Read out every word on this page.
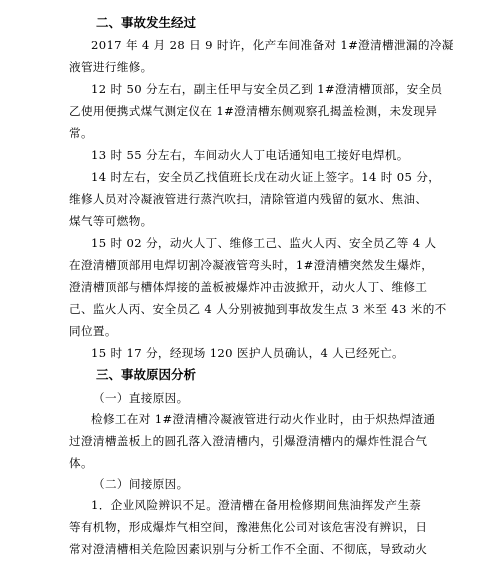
二、事故发生经过
2017 年 4 月 28 日 9 时许，化产车间准备对 1#澄清槽泄漏的冷凝
液管进行维修。
12 时 50 分左右，副主任甲与安全员乙到 1#澄清槽顶部，安全员
乙使用便携式煤气测定仪在 1#澄清槽东侧观察孔揭盖检测，未发现异
常。
13 时 55 分左右，车间动火人丁电话通知电工接好电焊机。
14 时左右，安全员乙找值班长戊在动火证上签字。14 时 05 分，
维修人员对冷凝液管进行蒸汽吹扫，清除管道内残留的氨水、焦油、
煤气等可燃物。
15 时 02 分，动火人丁、维修工己、监火人丙、安全员乙等 4 人
在澄清槽顶部用电焊切割冷凝液管弯头时，1#澄清槽突然发生爆炸，
澄清槽顶部与槽体焊接的盖板被爆炸冲击波掀开，动火人丁、维修工
己、监火人丙、安全员乙 4 人分别被抛到事故发生点 3 米至 43 米的不
同位置。
15 时 17 分，经现场 120 医护人员确认，4 人已经死亡。
三、事故原因分析
（一）直接原因。
检修工在对 1#澄清槽冷凝液管进行动火作业时，由于炽热焊渣通
过澄清槽盖板上的圆孔落入澄清槽内，引爆澄清槽内的爆炸性混合气
体。
（二）间接原因。
1．企业风险辨识不足。澄清槽在备用检修期间焦油挥发产生萘
等有机物，形成爆炸气相空间，豫港焦化公司对该危害没有辨识，日
常对澄清槽相关危险因素识别与分析工作不全面、不彻底，导致动火
